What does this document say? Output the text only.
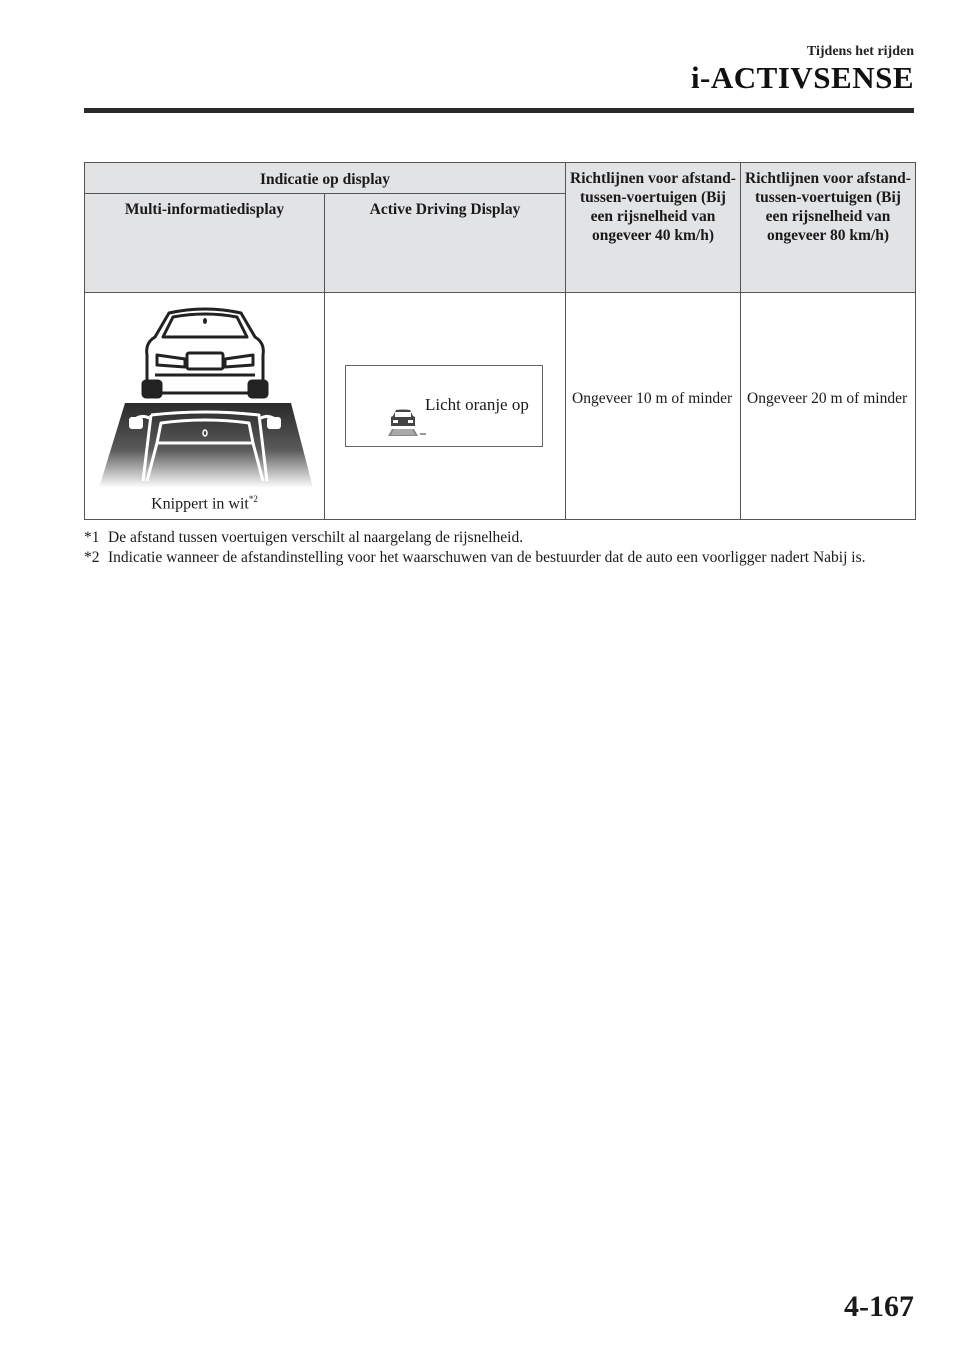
Tijdens het rijden
i-ACTIVSENSE
Indicatie op display		Richtlijnen voor afstand-tussen-voertuigen (Bij een rijsnelheid van ongeveer 40 km/h)	Richtlijnen voor afstand-tussen-voertuigen (Bij een rijsnelheid van ongeveer 80 km/h)
Multi-informatiedisplay	Active Driving Display		

Knippert in wit$^{*2}$	Licht oranje op	Ongeveer 10 m of minder	Ongeveer 20 m of minder
*1 De afstand tussen voertuigen verschilt al naargelang de rijsnelheid.
*2 Indicatie wanneer de afstandinstelling voor het waarschuwen van de bestuurder dat de auto een voorligger nadert Nabij is.
4-167
